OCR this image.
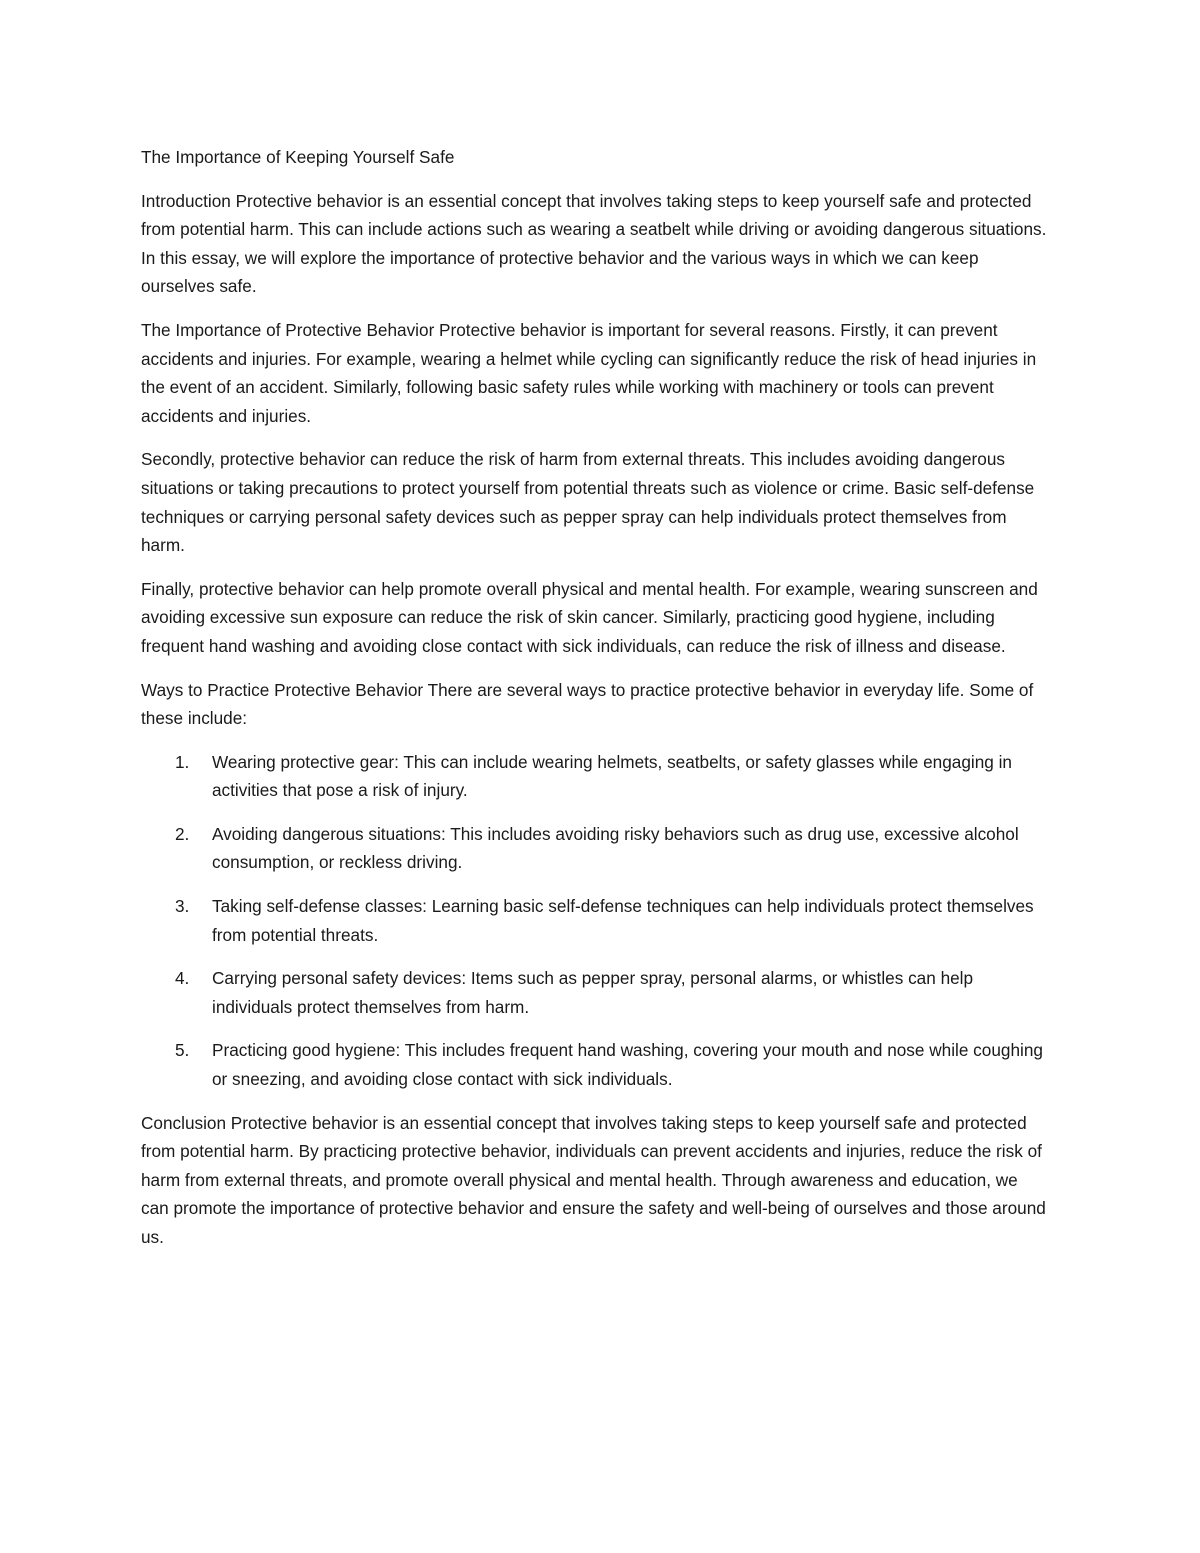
The Importance of Keeping Yourself Safe

Introduction Protective behavior is an essential concept that involves taking steps to keep yourself safe and protected from potential harm. This can include actions such as wearing a seatbelt while driving or avoiding dangerous situations. In this essay, we will explore the importance of protective behavior and the various ways in which we can keep ourselves safe.

The Importance of Protective Behavior Protective behavior is important for several reasons. Firstly, it can prevent accidents and injuries. For example, wearing a helmet while cycling can significantly reduce the risk of head injuries in the event of an accident. Similarly, following basic safety rules while working with machinery or tools can prevent accidents and injuries.

Secondly, protective behavior can reduce the risk of harm from external threats. This includes avoiding dangerous situations or taking precautions to protect yourself from potential threats such as violence or crime. Basic self-defense techniques or carrying personal safety devices such as pepper spray can help individuals protect themselves from harm.

Finally, protective behavior can help promote overall physical and mental health. For example, wearing sunscreen and avoiding excessive sun exposure can reduce the risk of skin cancer. Similarly, practicing good hygiene, including frequent hand washing and avoiding close contact with sick individuals, can reduce the risk of illness and disease.

Ways to Practice Protective Behavior There are several ways to practice protective behavior in everyday life. Some of these include:

1.	Wearing protective gear: This can include wearing helmets, seatbelts, or safety glasses while engaging in activities that pose a risk of injury.
2.	Avoiding dangerous situations: This includes avoiding risky behaviors such as drug use, excessive alcohol consumption, or reckless driving.
3.	Taking self-defense classes: Learning basic self-defense techniques can help individuals protect themselves from potential threats.
4.	Carrying personal safety devices: Items such as pepper spray, personal alarms, or whistles can help individuals protect themselves from harm.
5.	Practicing good hygiene: This includes frequent hand washing, covering your mouth and nose while coughing or sneezing, and avoiding close contact with sick individuals.

Conclusion Protective behavior is an essential concept that involves taking steps to keep yourself safe and protected from potential harm. By practicing protective behavior, individuals can prevent accidents and injuries, reduce the risk of harm from external threats, and promote overall physical and mental health. Through awareness and education, we can promote the importance of protective behavior and ensure the safety and well-being of ourselves and those around us.
